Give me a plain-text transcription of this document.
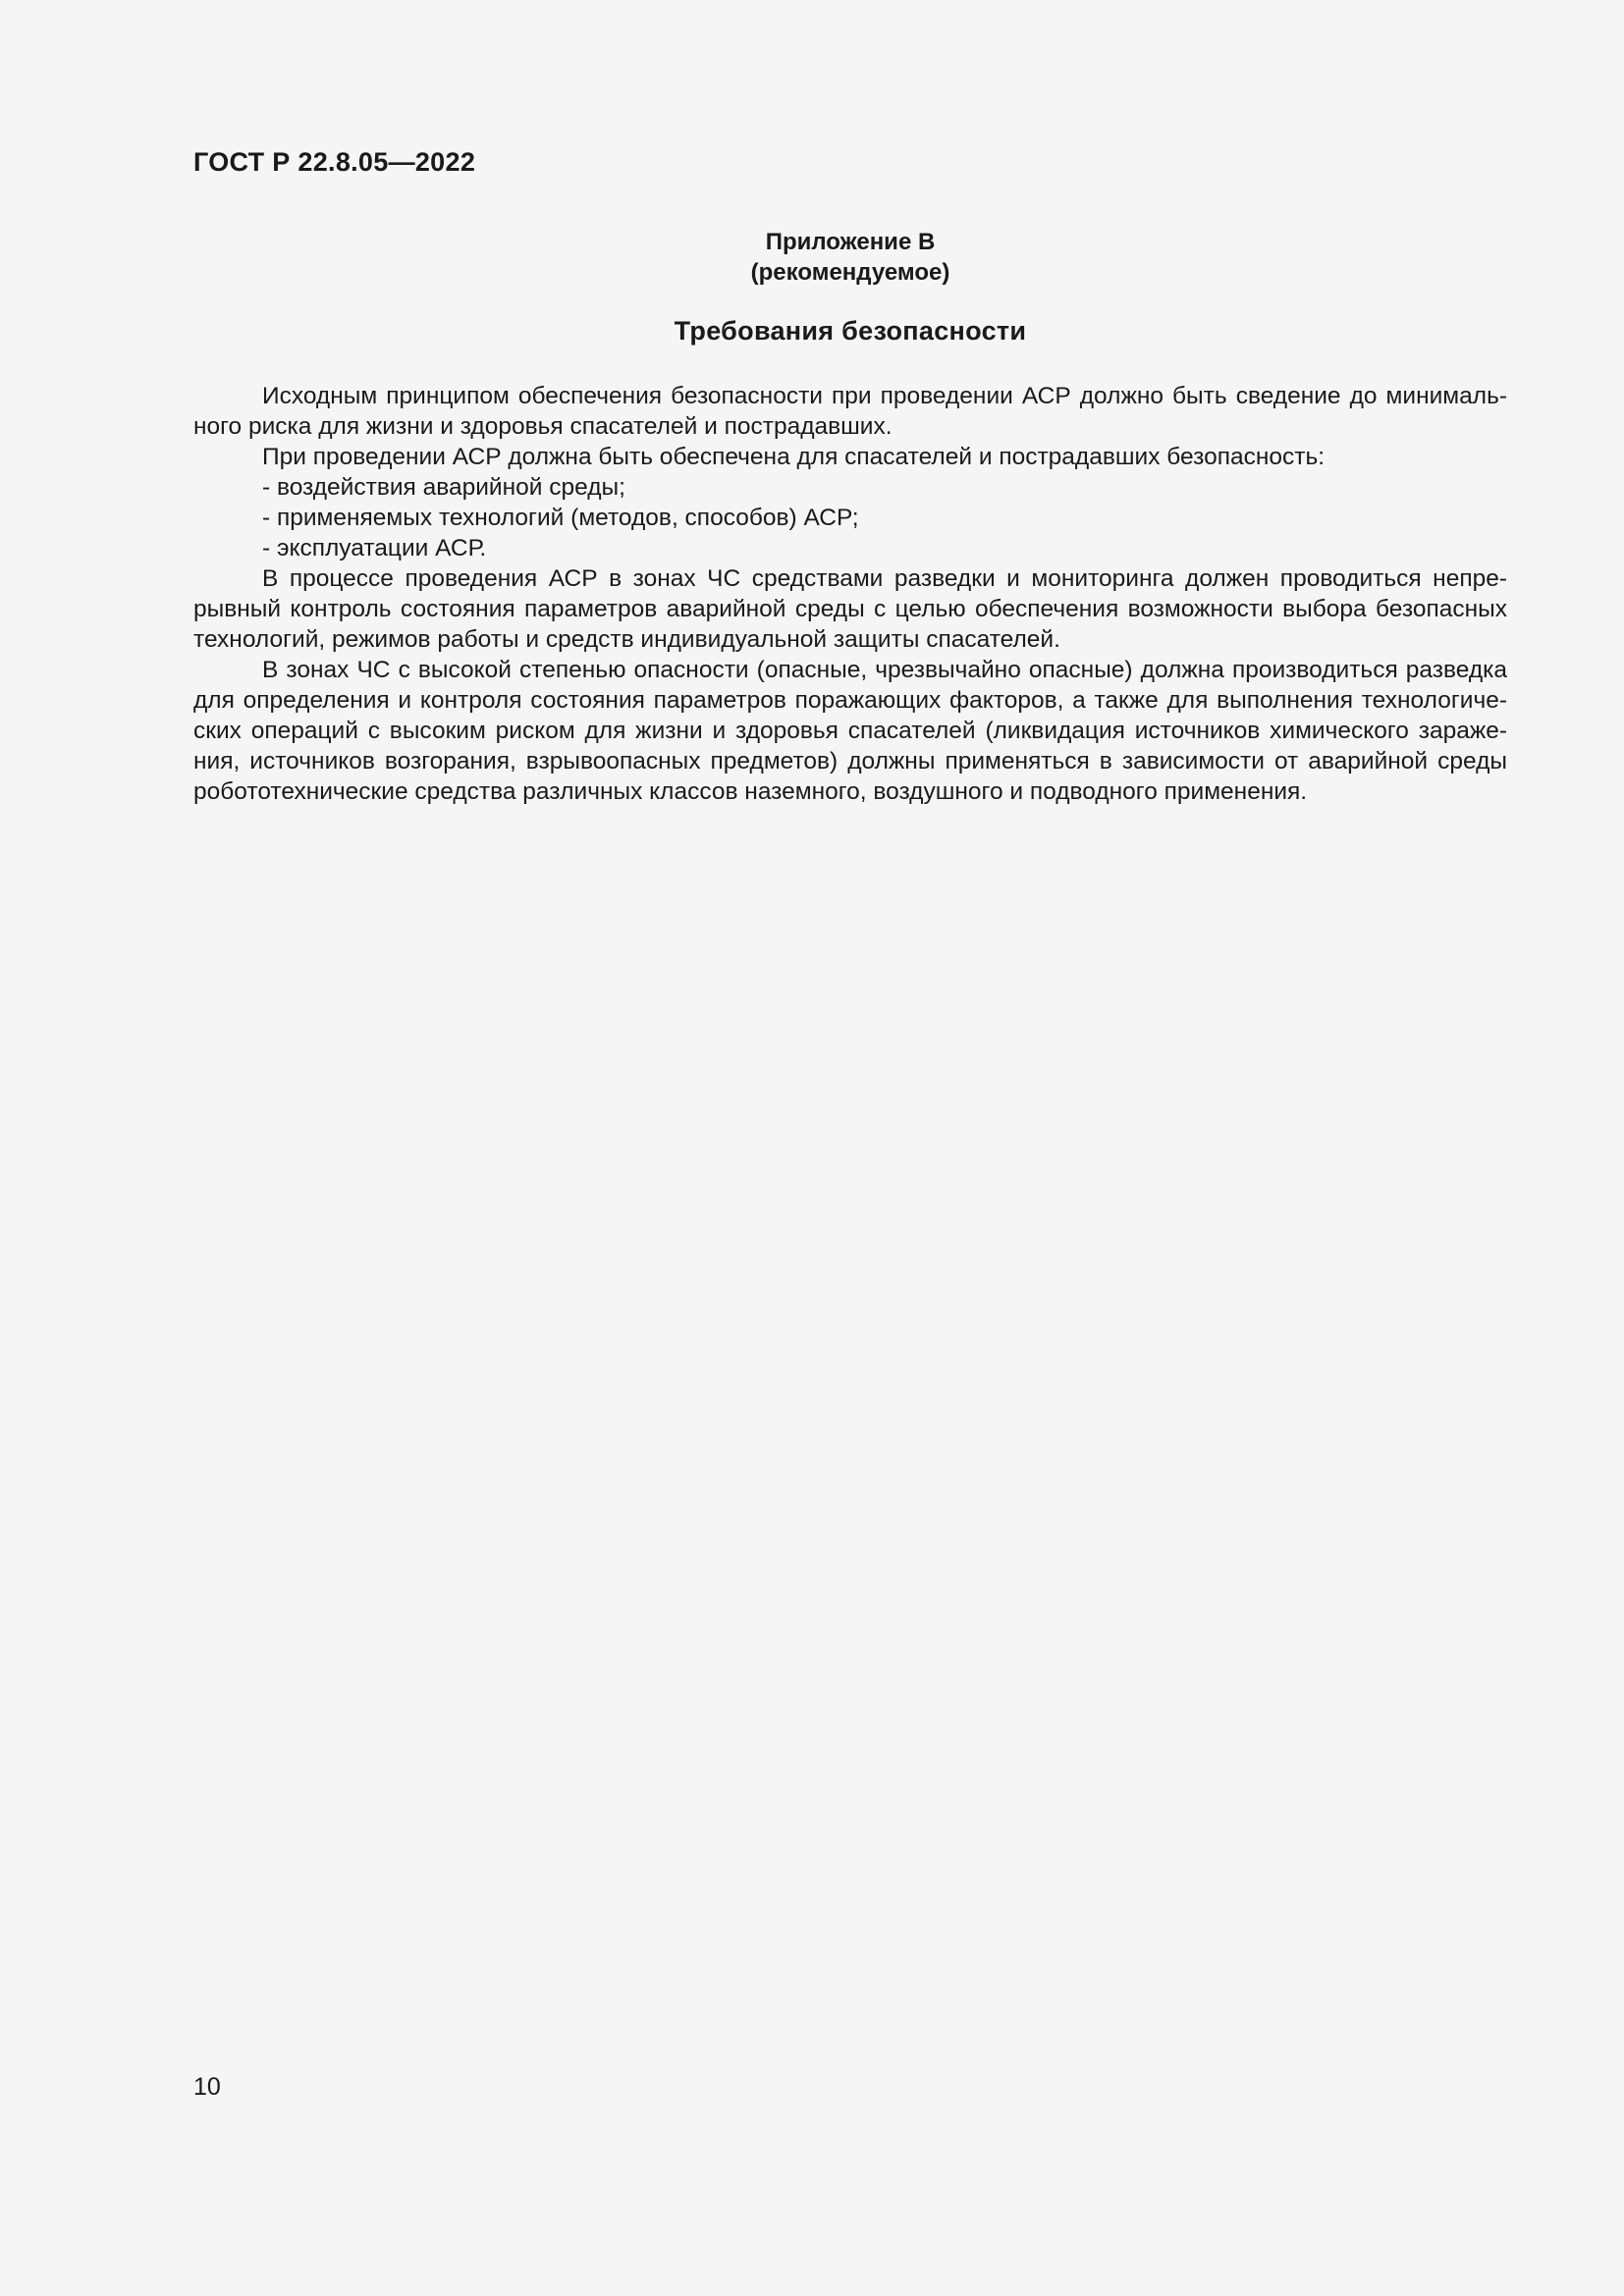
ГОСТ Р 22.8.05—2022
Приложение В
(рекомендуемое)
Требования безопасности
Исходным принципом обеспечения безопасности при проведении АСР должно быть сведение до минималь-
ного риска для жизни и здоровья спасателей и пострадавших.
При проведении АСР должна быть обеспечена для спасателей и пострадавших безопасность:
- воздействия аварийной среды;
- применяемых технологий (методов, способов) АСР;
- эксплуатации АСР.
В процессе проведения АСР в зонах ЧС средствами разведки и мониторинга должен проводиться непре-
рывный контроль состояния параметров аварийной среды с целью обеспечения возможности выбора безопасных
технологий, режимов работы и средств индивидуальной защиты спасателей.
В зонах ЧС с высокой степенью опасности (опасные, чрезвычайно опасные) должна производиться разведка
для определения и контроля состояния параметров поражающих факторов, а также для выполнения технологиче-
ских операций с высоким риском для жизни и здоровья спасателей (ликвидация источников химического зараже-
ния, источников возгорания, взрывоопасных предметов) должны применяться в зависимости от аварийной среды
робототехнические средства различных классов наземного, воздушного и подводного применения.
10
